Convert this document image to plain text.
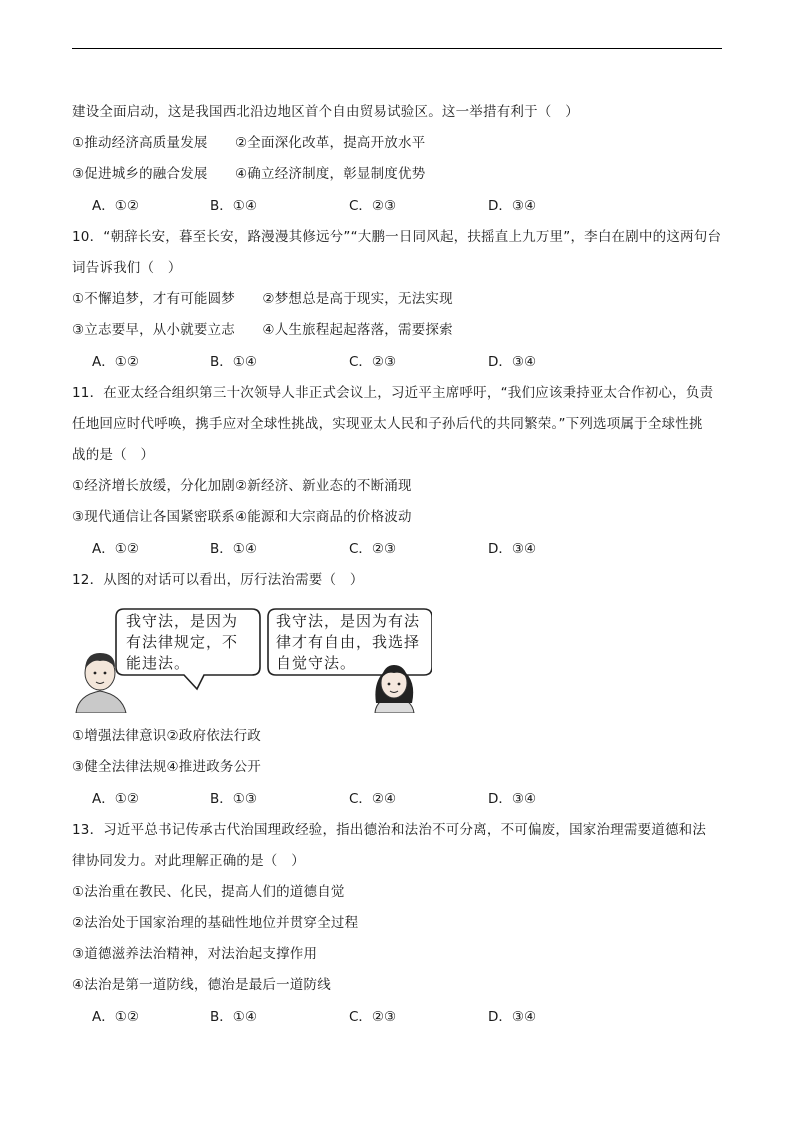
建设全面启动，这是我国西北沿边地区首个自由贸易试验区。这一举措有利于（　）
①推动经济高质量发展　　②全面深化改革，提高开放水平
③促进城乡的融合发展　　④确立经济制度，彰显制度优势
A．①②	B．①④	C．②③	D．③④
10．“朝辞长安，暮至长安，路漫漫其修远兮”“大鹏一日同风起，扶摇直上九万里”，李白在剧中的这两句台
词告诉我们（　）
①不懈追梦，才有可能圆梦　　②梦想总是高于现实，无法实现
③立志要早，从小就要立志　　④人生旅程起起落落，需要探索
A．①②	B．①④	C．②③	D．③④
11．在亚太经合组织第三十次领导人非正式会议上，习近平主席呼吁，“我们应该秉持亚太合作初心，负责
任地回应时代呼唤，携手应对全球性挑战，实现亚太人民和子孙后代的共同繁荣。”下列选项属于全球性挑
战的是（　）
①经济增长放缓，分化加剧②新经济、新业态的不断涌现
③现代通信让各国紧密联系④能源和大宗商品的价格波动
A．①②	B．①④	C．②③	D．③④
12．从图的对话可以看出，厉行法治需要（　）
我守法，是因为
有法律规定，不
能违法。
我守法，是因为有法
律才有自由，我选择
自觉守法。
①增强法律意识②政府依法行政
③健全法律法规④推进政务公开
A．①②	B．①③	C．②④	D．③④
13．习近平总书记传承古代治国理政经验，指出德治和法治不可分离，不可偏废，国家治理需要道德和法
律协同发力。对此理解正确的是（　）
①法治重在教民、化民，提高人们的道德自觉
②法治处于国家治理的基础性地位并贯穿全过程
③道德滋养法治精神，对法治起支撑作用
④法治是第一道防线，德治是最后一道防线
A．①②	B．①④	C．②③	D．③④
